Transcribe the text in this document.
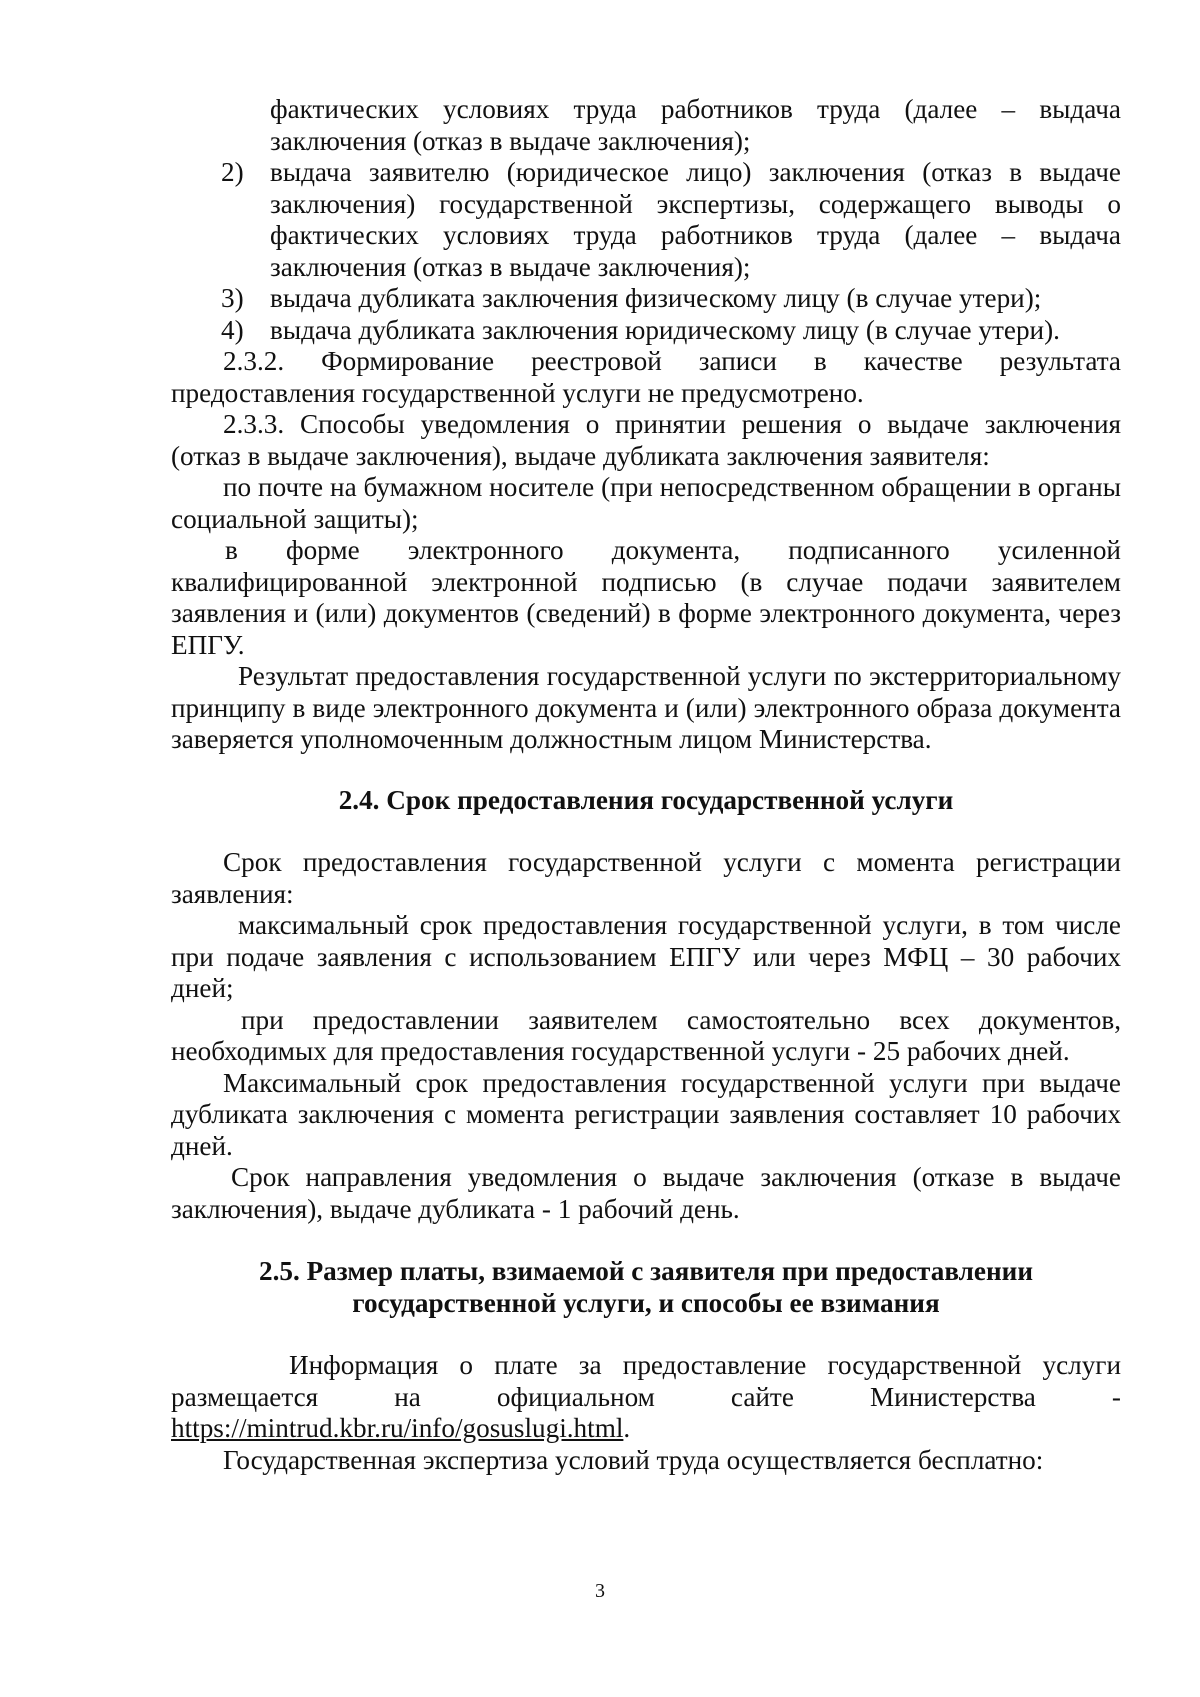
фактических условиях труда работников труда (далее – выдача

заключения (отказ в выдаче заключения);

2) выдача заявителю (юридическое лицо) заключения (отказ в выдаче заключения) государственной экспертизы, содержащего выводы о фактических условиях труда работников труда (далее – выдача заключения (отказ в выдаче заключения);
3) выдача дубликата заключения физическому лицу (в случае утери);
4) выдача дубликата заключения юридическому лицу (в случае утери).

2.3.2. Формирование реестровой записи в качестве результата предоставления государственной услуги не предусмотрено.

2.3.3. Способы уведомления о принятии решения о выдаче заключения (отказ в выдаче заключения), выдаче дубликата заключения заявителя:

по почте на бумажном носителе (при непосредственном обращении в органы социальной защиты);

в форме электронного документа, подписанного усиленной квалифицированной электронной подписью (в случае подачи заявителем заявления и (или) документов (сведений) в форме электронного документа, через ЕПГУ.

Результат предоставления государственной услуги по экстерриториальному принципу в виде электронного документа и (или) электронного образа документа заверяется уполномоченным должностным лицом Министерства.

2.4. Срок предоставления государственной услуги

Срок предоставления государственной услуги с момента регистрации заявления:

максимальный срок предоставления государственной услуги, в том числе при подаче заявления с использованием ЕПГУ или через МФЦ – 30 рабочих дней;

при предоставлении заявителем самостоятельно всех документов, необходимых для предоставления государственной услуги - 25 рабочих дней.

Максимальный срок предоставления государственной услуги при выдаче дубликата заключения с момента регистрации заявления составляет 10 рабочих дней.

Срок направления уведомления о выдаче заключения (отказе в выдаче заключения), выдаче дубликата - 1 рабочий день.

2.5. Размер платы, взимаемой с заявителя при предоставлении

государственной услуги, и способы ее взимания

Информация о плате за предоставление государственной услуги

размещается на официальном сайте Министерства -

https://mintrud.kbr.ru/info/gosuslugi.html.

Государственная экспертиза условий труда осуществляется бесплатно:

3
